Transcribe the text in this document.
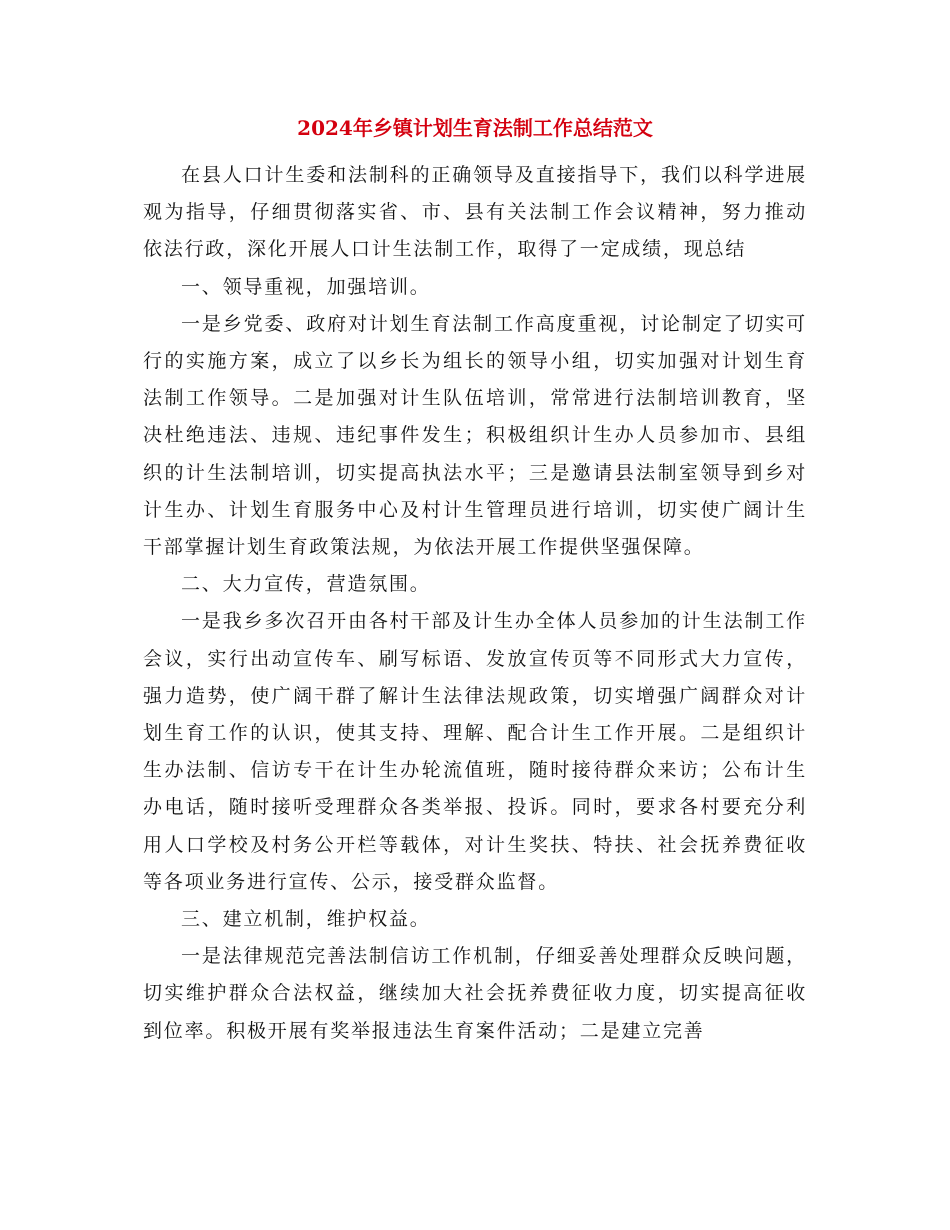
2024年乡镇计划生育法制工作总结范文

在县人口计生委和法制科的正确领导及直接指导下，我们以科学进展观为指导，仔细贯彻落实省、市、县有关法制工作会议精神，努力推动依法行政，深化开展人口计生法制工作，取得了一定成绩，现总结

一、领导重视，加强培训。

一是乡党委、政府对计划生育法制工作高度重视，讨论制定了切实可行的实施方案，成立了以乡长为组长的领导小组，切实加强对计划生育法制工作领导。二是加强对计生队伍培训，常常进行法制培训教育，坚决杜绝违法、违规、违纪事件发生；积极组织计生办人员参加市、县组织的计生法制培训，切实提高执法水平；三是邀请县法制室领导到乡对计生办、计划生育服务中心及村计生管理员进行培训，切实使广阔计生干部掌握计划生育政策法规，为依法开展工作提供坚强保障。

二、大力宣传，营造氛围。

一是我乡多次召开由各村干部及计生办全体人员参加的计生法制工作会议，实行出动宣传车、刷写标语、发放宣传页等不同形式大力宣传，强力造势，使广阔干群了解计生法律法规政策，切实增强广阔群众对计划生育工作的认识，使其支持、理解、配合计生工作开展。二是组织计生办法制、信访专干在计生办轮流值班，随时接待群众来访；公布计生办电话，随时接听受理群众各类举报、投诉。同时，要求各村要充分利用人口学校及村务公开栏等载体，对计生奖扶、特扶、社会抚养费征收等各项业务进行宣传、公示，接受群众监督。

三、建立机制，维护权益。

一是法律规范完善法制信访工作机制，仔细妥善处理群众反映问题，切实维护群众合法权益，继续加大社会抚养费征收力度，切实提高征收到位率。积极开展有奖举报违法生育案件活动；二是建立完善
